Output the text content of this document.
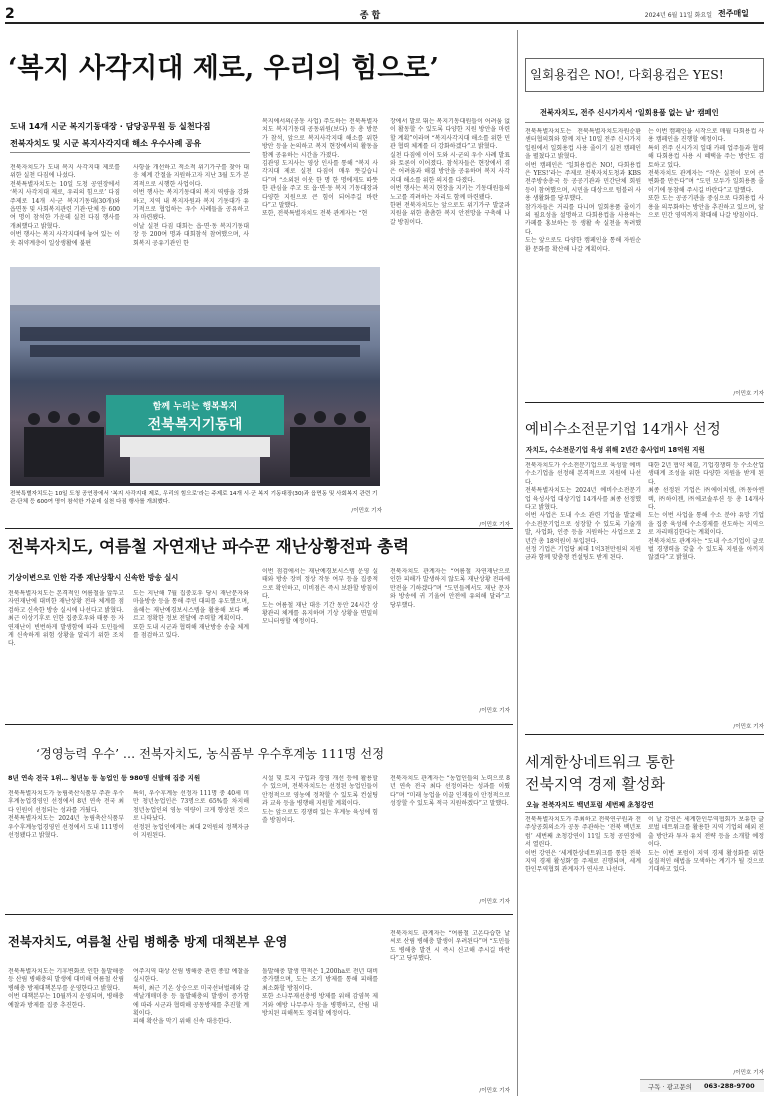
2	종 합	2024년 6월 11일 화요일 전주매일
‘복지 사각지대 제로, 우리의 힘으로’
도내 14개 시군 복지기동대장 · 담당공무원 등 실천다짐
전북자치도 및 시군 복지사각지대 해소 우수사례 공유
전북자치도가 도내 복지 사각지대 제로를 위한 실천 다짐에 나섰다.
전북특별자치도는 10일 도청 공연장에서 ‘복지 사각지대 제로, 우리의 힘으로’ 다짐 주제로 14개 시·군 복지기동대(30개)와 읍면동 및 사회복지관련 기관·단체 등 600여 명이 참석한 가운데 실천 다짐 행사를 개최했다고 밝혔다.
이번 행사는 복지 사각지대에 놓여 있는 이웃 취약계층이 일상생활에 불편
사항을 개선하고 적소적 위기가구를 찾아 대응 체계 간절을 지원하고자 지난 3월 도가 본격적으로 시행한 사업이다.
이번 행사는 복지기동대의 복지 역량을 강화하고, 지역 내 복지자원과 복지 기동대가 유기적으로 협업하는 우수 사례들을 공유하고자 마련됐다.
이날 실천 다짐 대회는 읍·면·동 복지기동대장 등 200여 명과 대회참석 참여했으며, 사회복지 공유기관인 한
복지에서의(공동 사업) 주도하는 전북특별자치도 복지기동대 공동위원(보다) 등 총 방문가 참석, 앞으로 복지사각지대 해소를 위한 방안 등을 논의하고 복지 현장에서의 활동을 함께 공유하는 시간을 가졌다.
김관영 도지사는 영상 인사를 통해 “복지 사각지대 제로 실천 다짐이 매우 뜻깊습니다”며 “소외된 이웃 한 명 한 명에게도 따뜻한 관심을 주고 또 읍·면·동 복지 기동대장과 다양한 지원으로 큰 힘이 되어주길 바란다”고 말했다.
또한, 전북특별자치도 전북 관계자는 “현
장에서 발로 뛰는 복지기동대원들이 어려움 없이 활동할 수 있도록 다양한 지원 방안을 마련할 계획”이라며 “복지사각지대 해소를 위한 민관 협력 체계를 더 강화하겠다”고 밝혔다.
실천 다짐에 이어 도와 시·군의 우수 사례 발표와 토론이 이어졌다. 참석자들은 현장에서 겪은 어려움과 해결 방안을 공유하며 복지 사각지대 해소를 위한 의지를 다졌다.
이번 행사는 복지 현장을 지키는 기동대원들의 노고를 격려하는 자리도 함께 마련됐다.
한편 전북자치도는 앞으로도 위기가구 발굴과 지원을 위한 촘촘한 복지 안전망을 구축해 나갈 방침이다.
함께 누리는 행복복지
전북복지기동대
전북특별자치도는 10일 도청 공연장에서 ‘복지 사각지대 제로, 우리의 힘으로’라는 주제로 14개 시·군 복지 기동대장(30)과 읍면동 및 사회복지 관련 기관·단체 등 600여 명이 참석한 가운데 실천 다짐 행사를 개최했다.
/이민호 기자
/이민호 기자
일회용컵은 NO!, 다회용컵은 YES!
전북자치도, 전주 신시가지서 ‘일회용품 없는 날’ 캠페인
전북특별자치도는 전북특별자치도자원순환센터협의회와 함께 지난 10일 전주 신시가지 일원에서 일회용컵 사용 줄이기 실천 캠페인을 펼쳤다고 밝혔다.
이번 캠페인은 ‘일회용컵은 NO!, 다회용컵은 YES!’라는 주제로 전북자치도청과 KBS 전주방송총국 등 공공기관과 민간단체 회원 등이 참여했으며, 시민을 대상으로 텀블러 사용 생활화를 당부했다.
참가자들은 거리를 다니며 일회용품 줄이기의 필요성을 설명하고 다회용컵을 사용하는 카페를 홍보하는 등 생활 속 실천을 독려했다.
도는 앞으로도 다양한 캠페인을 통해 자원순환 문화를 확산해 나갈 계획이다.
는 이번 캠페인을 시작으로 매월 다회용컵 사용 캠페인을 진행할 예정이다.
특히 전주 신시가지 일대 카페 업주들과 협력해 다회용컵 사용 시 혜택을 주는 방안도 검토하고 있다.
전북자치도 관계자는 “작은 실천이 모여 큰 변화를 만든다”며 “도민 모두가 일회용품 줄이기에 동참해 주시길 바란다”고 말했다.
또한 도는 공공기관을 중심으로 다회용컵 사용을 의무화하는 방안을 추진하고 있으며, 앞으로 민간 영역까지 확대해 나갈 방침이다.
/이민호 기자
예비수소전문기업 14개사 선정
자치도, 수소전문기업 육성 위해 2년간 총사업비 18억원 지원
전북자치도가 수소전문기업으로 육성할 예비수소기업을 선정해 본격적으로 지원에 나선다.
전북특별자치도는 2024년 예비수소전문기업 육성사업 대상기업 14개사를 최종 선정했다고 밝혔다.
이번 사업은 도내 수소 관련 기업을 발굴해 수소전문기업으로 성장할 수 있도록 기술개발, 사업화, 인증 등을 지원하는 사업으로 2년간 총 18억원이 투입된다.
선정 기업은 기업당 최대 1억3천만원의 지원금과 함께 맞춤형 컨설팅도 받게 된다.
대한 2년 협약 체결, 기업경쟁력 등 수소산업 생태계 조성을 위한 다양한 지원을 받게 된다.
최종 선정된 기업은 ㈜에이치엠, ㈜동아엔텍, ㈜하이젠, ㈜에코솔루션 등 총 14개사다.
도는 이번 사업을 통해 수소 분야 유망 기업을 집중 육성해 수소경제를 선도하는 지역으로 자리매김한다는 계획이다.
전북자치도 관계자는 “도내 수소기업이 글로벌 경쟁력을 갖출 수 있도록 지원을 아끼지 않겠다”고 밝혔다.
/이민호 기자
전북자치도, 여름철 자연재난 파수꾼 재난상황전파 총력
기상이변으로 인한 각종 재난상황시 신속한 방송 실시
전북특별자치도는 본격적인 여름철을 앞두고 자연재난에 대비한 재난상황 전파 체계를 점검하고 신속한 방송 실시에 나선다고 밝혔다.
최근 이상기후로 인한 집중호우와 태풍 등 자연재난이 빈번하게 발생함에 따라 도민들에게 신속하게 위험 상황을 알리기 위한 조치다.
도는 지난해 7월 집중호우 당시 재난문자와 마을방송 등을 통해 주민 대피를 유도했으며, 올해는 재난예경보시스템을 활용해 보다 빠르고 정확한 정보 전달에 주력할 계획이다.
또한 도내 시군과 협력해 재난방송 송출 체계를 점검하고 있다.
이번 점검에서는 재난예경보시스템 운영 실태와 방송 장비 정상 작동 여부 등을 집중적으로 확인하고, 미비점은 즉시 보완할 방침이다.
도는 여름철 재난 대응 기간 동안 24시간 상황관리 체계를 유지하며 기상 상황을 면밀히 모니터링할 예정이다.
전북자치도 관계자는 “여름철 자연재난으로 인한 피해가 발생하지 않도록 재난상황 전파에 만전을 기하겠다”며 “도민들께서도 재난 문자와 방송에 귀 기울여 안전에 유의해 달라”고 당부했다.
/이민호 기자
‘경영능력 우수’ … 전북자치도, 농식품부 우수후계농 111명 선정
8년 연속 전국 1위… 청년농 등 농업인 등 980명 신발해 집중 지원
전북특별자치도가 농림축산식품부 주관 우수후계농업경영인 선정에서 8년 연속 전국 최다 인원이 선정되는 성과를 거뒀다.
전북특별자치도는 2024년 농림축산식품부 우수후계농업경영인 선정에서 도내 111명이 선정됐다고 밝혔다.
특히, 우수후계농 선정자 111명 중 40세 미만 청년농업인은 73명으로 65%를 차지해 청년농업인의 영농 역량이 크게 향상된 것으로 나타났다.
선정된 농업인에게는 최대 2억원의 정책자금이 지원된다.
시설 및 토지 구입과 경영 개선 등에 활용할 수 있으며, 전북자치도는 선정된 농업인들이 안정적으로 영농에 정착할 수 있도록 컨설팅과 교육 등을 병행해 지원할 계획이다.
도는 앞으로도 경쟁력 있는 후계농 육성에 힘쓸 방침이다.
전북자치도 관계자는 “농업인들의 노력으로 8년 연속 전국 최다 선정이라는 성과를 이뤘다”며 “미래 농업을 이끌 인재들이 안정적으로 성장할 수 있도록 적극 지원하겠다”고 말했다.
/이민호 기자
전북자치도, 여름철 산림 병해충 방제 대책본부 운영
전북특별자치도는 기후변화로 인한 돌발해충 등 산림 병해충의 발생에 대비해 여름철 산림 병해충 방제대책본부를 운영한다고 밝혔다.
이번 대책본부는 10월까지 운영되며, 병해충 예찰과 방제를 집중 추진한다.
여주지역 대상 산림 병해충 관련 종합 예찰을 실시한다.
특히, 최근 기온 상승으로 미국선녀벌레와 갈색날개매미충 등 돌발해충의 발생이 증가함에 따라 시군과 협력해 공동방제를 추진할 계획이다.
피해 확산을 막기 위해 신속 대응한다.
돌발해충 발생 면적은 1,200ha로 전년 대비 증가했으며, 도는 조기 방제를 통해 피해를 최소화할 방침이다.
또한 소나무재선충병 방제를 위해 감염목 제거와 예방 나무주사 등을 병행하고, 산림 내 방치된 피해목도 정리할 예정이다.
전북자치도 관계자는 “여름철 고온다습한 날씨로 산림 병해충 발생이 우려된다”며 “도민들도 병해충 발견 시 즉시 신고해 주시길 바란다”고 당부했다.
/이민호 기자
세계한상네트워크 통한
전북지역 경제 활성화
오늘 전북자치도 백년포럼 세번째 초청강연
전북특별자치도가 주최하고 전북연구원과 전주상공회의소가 공동 주관하는 ‘전북 백년포럼’ 세번째 초청강연이 11일 도청 공연장에서 열린다.
이번 강연은 ‘세계한상네트워크를 통한 전북지역 경제 활성화’를 주제로 진행되며, 세계한인무역협회 관계자가 연사로 나선다.
이 날 강연은 세계한인무역협회가 보유한 글로벌 네트워크를 활용한 지역 기업의 해외 진출 방안과 투자 유치 전략 등을 소개할 예정이다.
도는 이번 포럼이 지역 경제 활성화를 위한 실질적인 해법을 모색하는 계기가 될 것으로 기대하고 있다.
/이민호 기자
구독 · 광고문의 063-288-9700
